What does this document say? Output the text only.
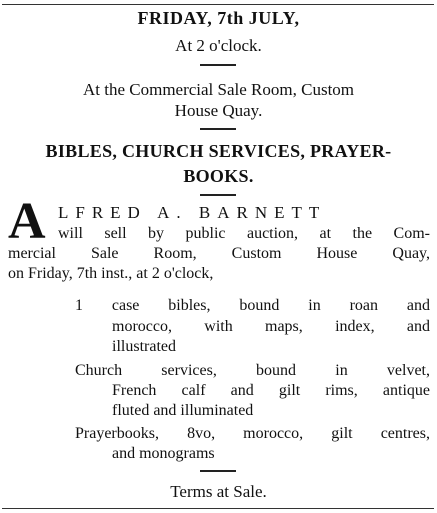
FRIDAY, 7th JULY,
At 2 o'clock.
At the Commercial Sale Room, Custom
House Quay.
BIBLES, CHURCH SERVICES, PRAYER-
BOOKS.
A LFRED A. BARNETT
will sell by public auction, at the Com-
mercial Sale Room, Custom House Quay,
on Friday, 7th inst., at 2 o'clock,
1 case bibles, bound in roan and
morocco, with maps, index, and
illustrated
Church services, bound in velvet,
French calf and gilt rims, antique
fluted and illuminated
Prayerbooks, 8vo, morocco, gilt centres,
and monograms
Terms at Sale.
